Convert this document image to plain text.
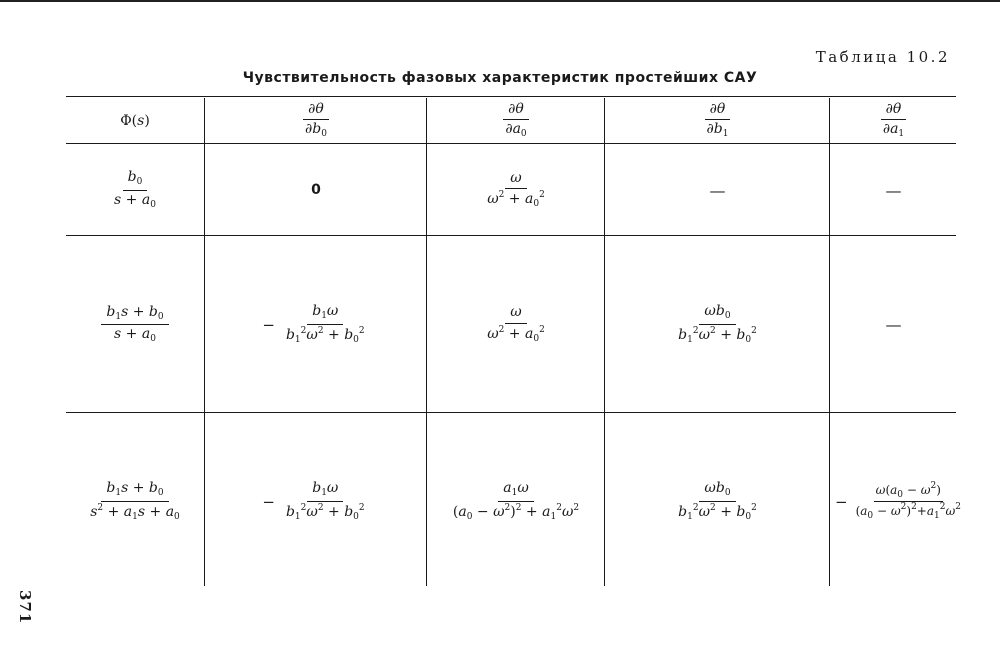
Таблица 10.2
Чувствительность фазовых характеристик простейших САУ
Φ(s)	$\frac{\partial\theta}{\partial b_0}$	$\frac{\partial\theta}{\partial a_0}$	$\frac{\partial\theta}{\partial b_1}$	$\frac{\partial\theta}{\partial a_1}$
$\frac{b_0}{s + a_0}$	0	$\frac{\omega}{\omega^2 + a_0^2}$	—	—
$\frac{b_1s + b_0}{s + a_0}$	− $\frac{b_1\omega}{b_1^2\omega^2 + b_0^2}$	$\frac{\omega}{\omega^2 + a_0^2}$	$\frac{\omega b_0}{b_1^2\omega^2 + b_0^2}$	—
$\frac{b_1s + b_0}{s^2 + a_1s + a_0}$	− $\frac{b_1\omega}{b_1^2\omega^2 + b_0^2}$	$\frac{a_1\omega}{(a_0 - \omega^2)^2 + a_1^2\omega^2}$	$\frac{\omega b_0}{b_1^2\omega^2 + b_0^2}$	− $\frac{\omega(a_0 - \omega^2)}{(a_0 - \omega^2)^2+a_1^2\omega^2}$
371
